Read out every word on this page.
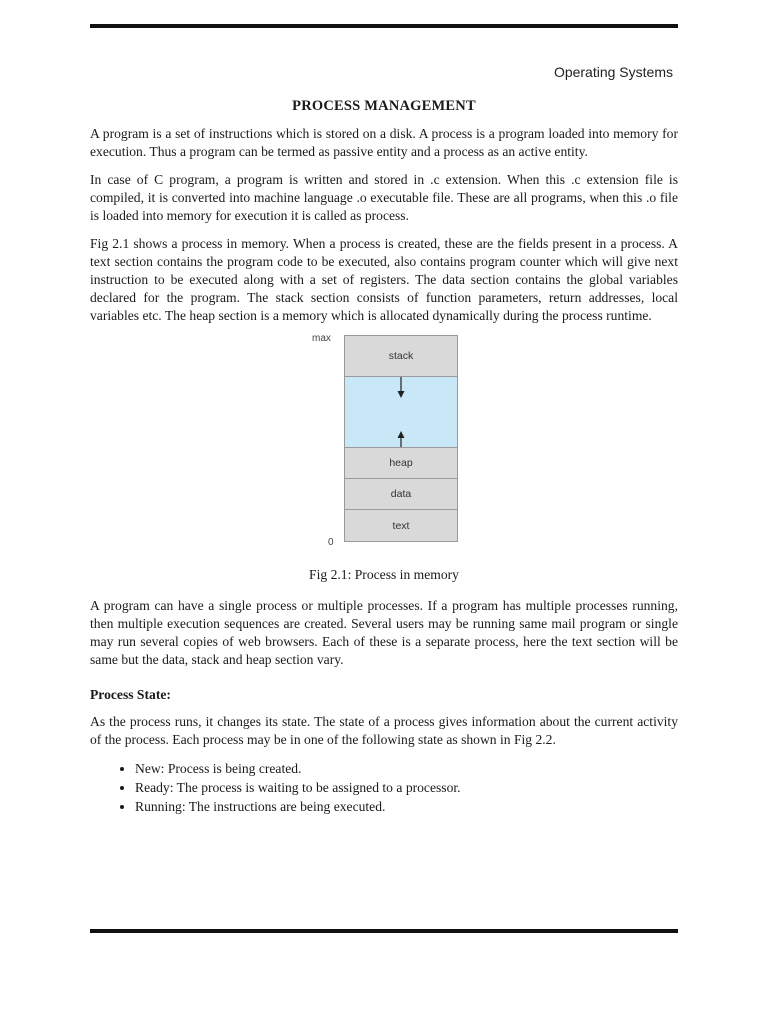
Operating Systems
PROCESS MANAGEMENT

A program is a set of instructions which is stored on a disk. A process is a program loaded into memory for execution. Thus a program can be termed as passive entity and a process as an active entity.

In case of C program, a program is written and stored in .c extension. When this .c extension file is compiled, it is converted into machine language .o executable file. These are all programs, when this .o file is loaded into memory for execution it is called as process.

Fig 2.1 shows a process in memory. When a process is created, these are the fields present in a process. A text section contains the program code to be executed, also contains program counter which will give next instruction to be executed along with a set of registers. The data section contains the global variables declared for the program. The stack section consists of function parameters, return addresses, local variables etc. The heap section is a memory which is allocated dynamically during the process runtime.

max
0
stack
heap
data
text

Fig 2.1: Process in memory

A program can have a single process or multiple processes. If a program has multiple processes running, then multiple execution sequences are created. Several users may be running same mail program or single may run several copies of web browsers. Each of these is a separate process, here the text section will be same but the data, stack and heap section vary.

Process State:

As the process runs, it changes its state. The state of a process gives information about the current activity of the process. Each process may be in one of the following state as shown in Fig 2.2.

• New: Process is being created.
• Ready: The process is waiting to be assigned to a processor.
• Running: The instructions are being executed.
